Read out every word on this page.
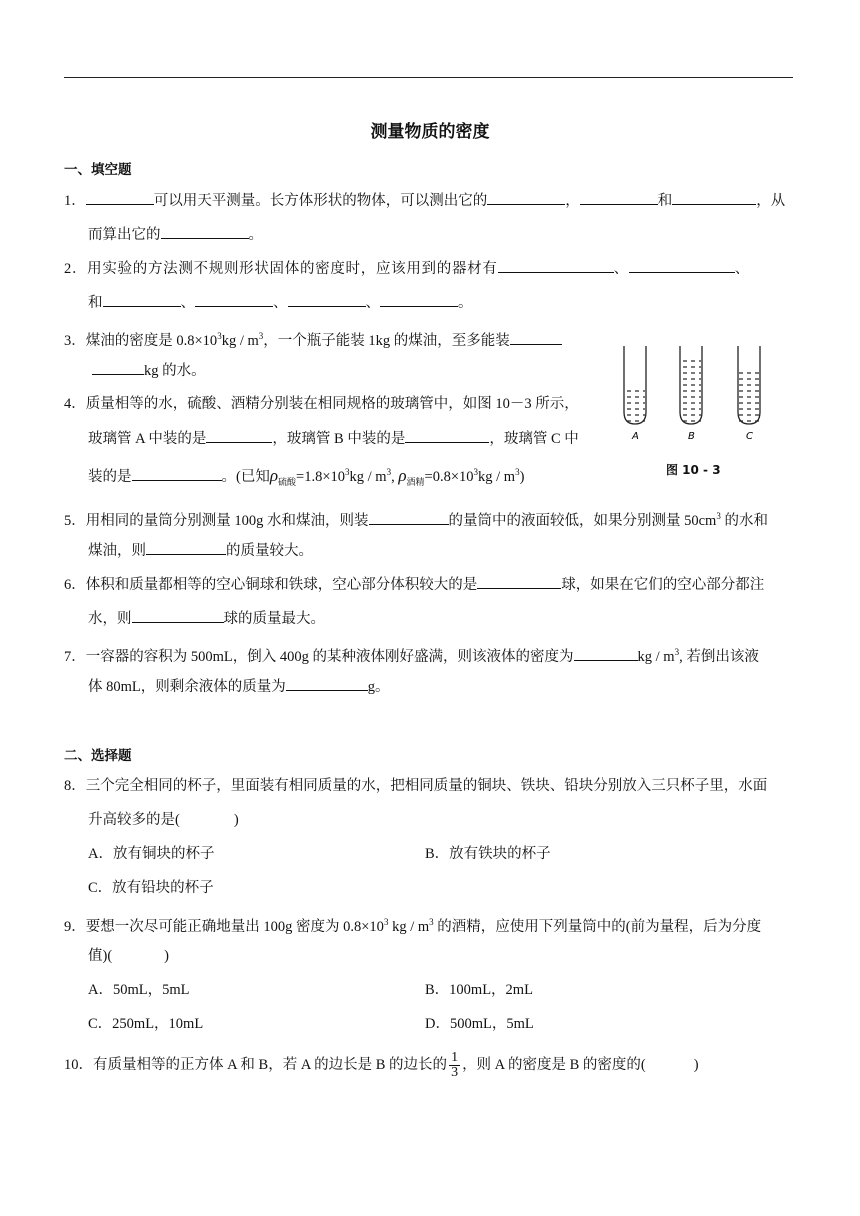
测量物质的密度
一、填空题
1．	可以用天平测量。长方体形状的物体，可以测出它的	，	和	，从
而算出它的	。
2．用实验的方法测不规则形状固体的密度时，应该用到的器材有	、	、
和	、	、	、	。
3．煤油的密度是 $0.8\times 10^3kg / m^3$，一个瓶子能装 1kg 的煤油，至多能装
kg 的水。
4．质量相等的水，硫酸、酒精分别装在相同规格的玻璃管中，如图 10－3 所示，
玻璃管 A 中装的是	，玻璃管 B 中装的是	，玻璃管 C 中
装的是	。(已知$\rho_{硫酸}=1.8\times 10^3kg / m^3$, $\rho_{酒精}=0.8\times 10^3kg / m^3$)
A	B	C
图 10 - 3
5．用相同的量筒分别测量 100g 水和煤油，则装	的量筒中的液面较低，如果分别测量 $50cm^3$ 的水和
煤油，则	的质量较大。
6．体积和质量都相等的空心铜球和铁球，空心部分体积较大的是	球，如果在它们的空心部分都注
水，则	球的质量最大。
7．一容器的容积为 500mL，倒入 400g 的某种液体刚好盛满，则该液体的密度为	kg / $m^3$, 若倒出该液
体 80mL，则剩余液体的质量为	g。
二、选择题
8．三个完全相同的杯子，里面装有相同质量的水，把相同质量的铜块、铁块、铅块分别放入三只杯子里，水面
升高较多的是(	)
A．放有铜块的杯子	B．放有铁块的杯子
C．放有铅块的杯子
9．要想一次尽可能正确地量出 100g 密度为 $0.8\times 10^3$ kg / $m^3$ 的酒精，应使用下列量筒中的(前为量程，后为分度
值)(	)
A．50mL，5mL	B．100mL，2mL
C．250mL，10mL	D．500mL，5mL
10．有质量相等的正方体 A 和 B，若 A 的边长是 B 的边长的 $\frac{1}{3}$ ，则 A 的密度是 B 的密度的(	)
